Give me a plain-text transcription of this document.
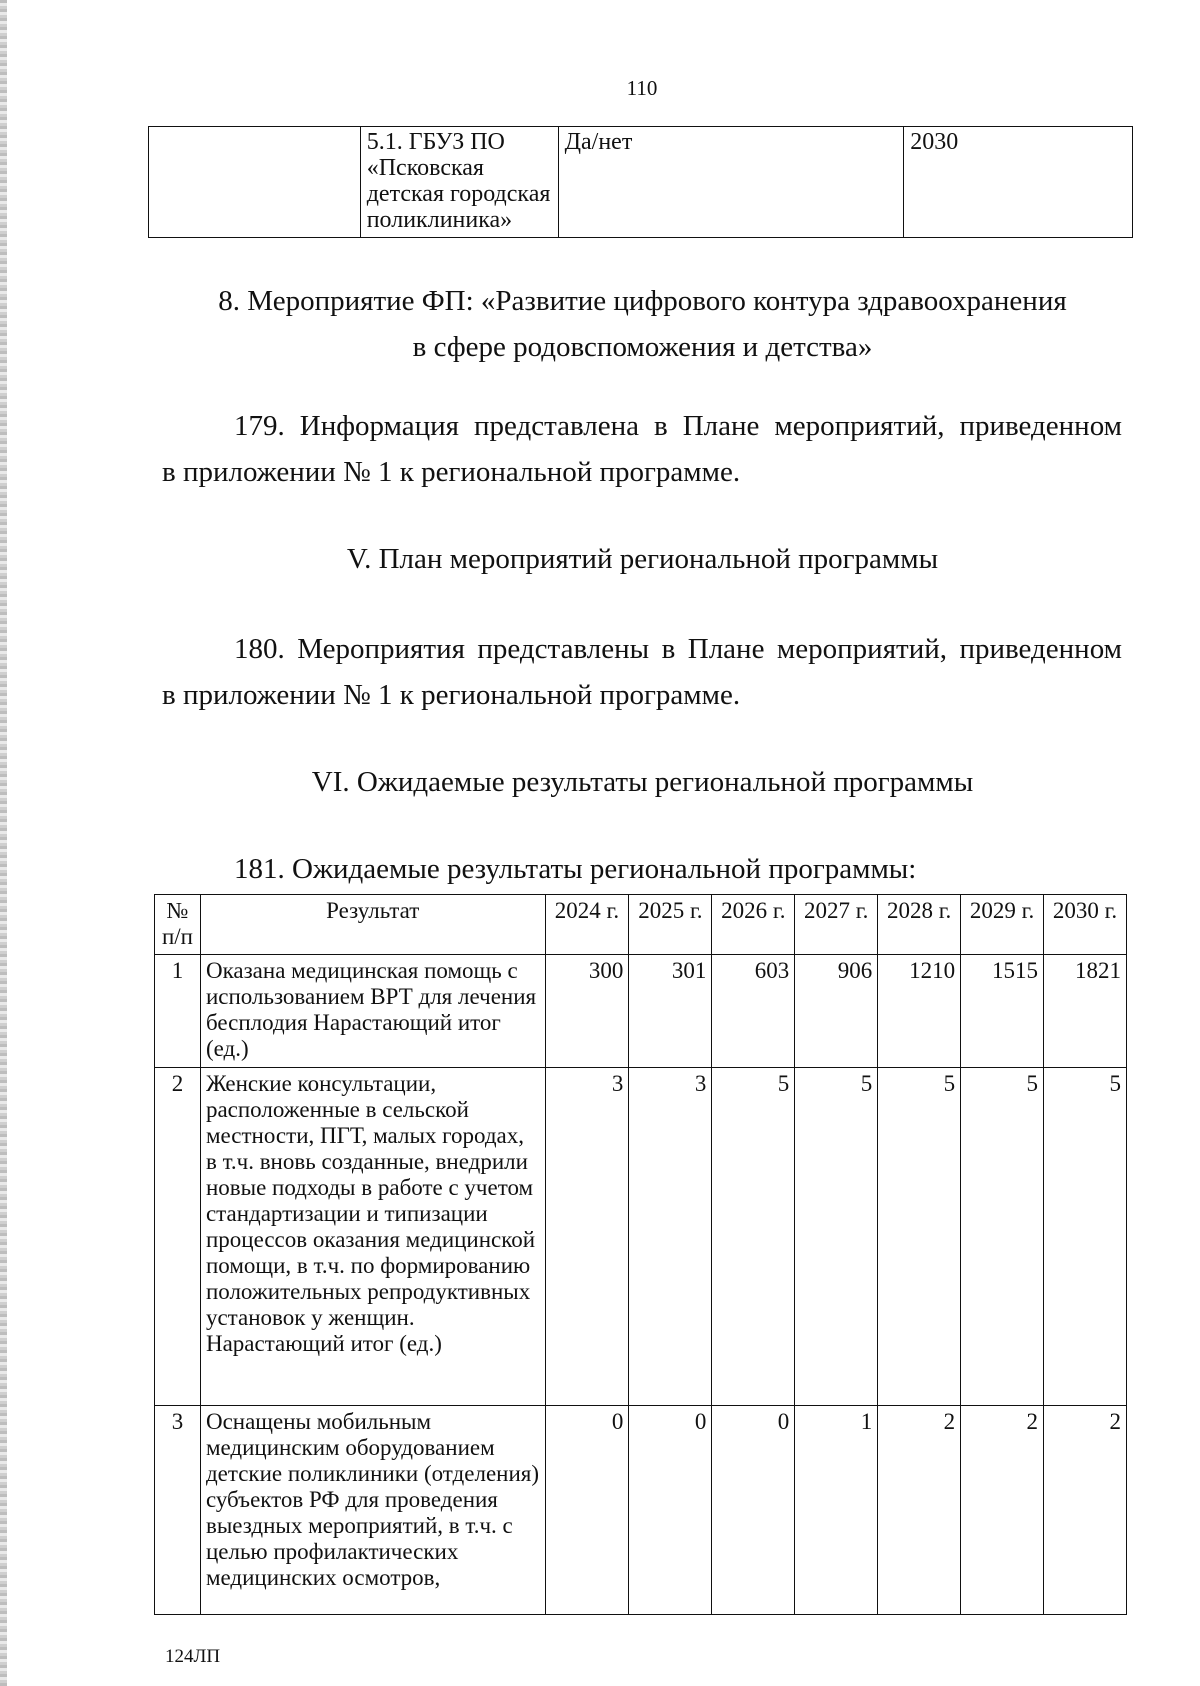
110
	5.1. ГБУЗ ПО «Псковская детская городская поликлиника»	Да/нет	2030
8. Мероприятие ФП: «Развитие цифрового контура здравоохранения
в сфере родовспоможения и детства»
179. Информация представлена в Плане мероприятий, приведенном
в приложении № 1 к региональной программе.
V. План мероприятий региональной программы
180. Мероприятия представлены в Плане мероприятий, приведенном
в приложении № 1 к региональной программе.
VI. Ожидаемые результаты региональной программы
181. Ожидаемые результаты региональной программы:
№ п/п	Результат	2024 г.	2025 г.	2026 г.	2027 г.	2028 г.	2029 г.	2030 г.
1	Оказана медицинская помощь с использованием ВРТ для лечения бесплодия Нарастающий итог (ед.)	300	301	603	906	1210	1515	1821
2	Женские консультации, расположенные в сельской местности, ПГТ, малых городах, в т.ч. вновь созданные, внедрили новые подходы в работе с учетом стандартизации и типизации процессов оказания медицинской помощи, в т.ч. по формированию положительных репродуктивных установок у женщин. Нарастающий итог (ед.)	3	3	5	5	5	5	5
3	Оснащены мобильным медицинским оборудованием детские поликлиники (отделения) субъектов РФ для проведения выездных мероприятий, в т.ч. с целью профилактических медицинских осмотров,	0	0	0	1	2	2	2
124ЛП
